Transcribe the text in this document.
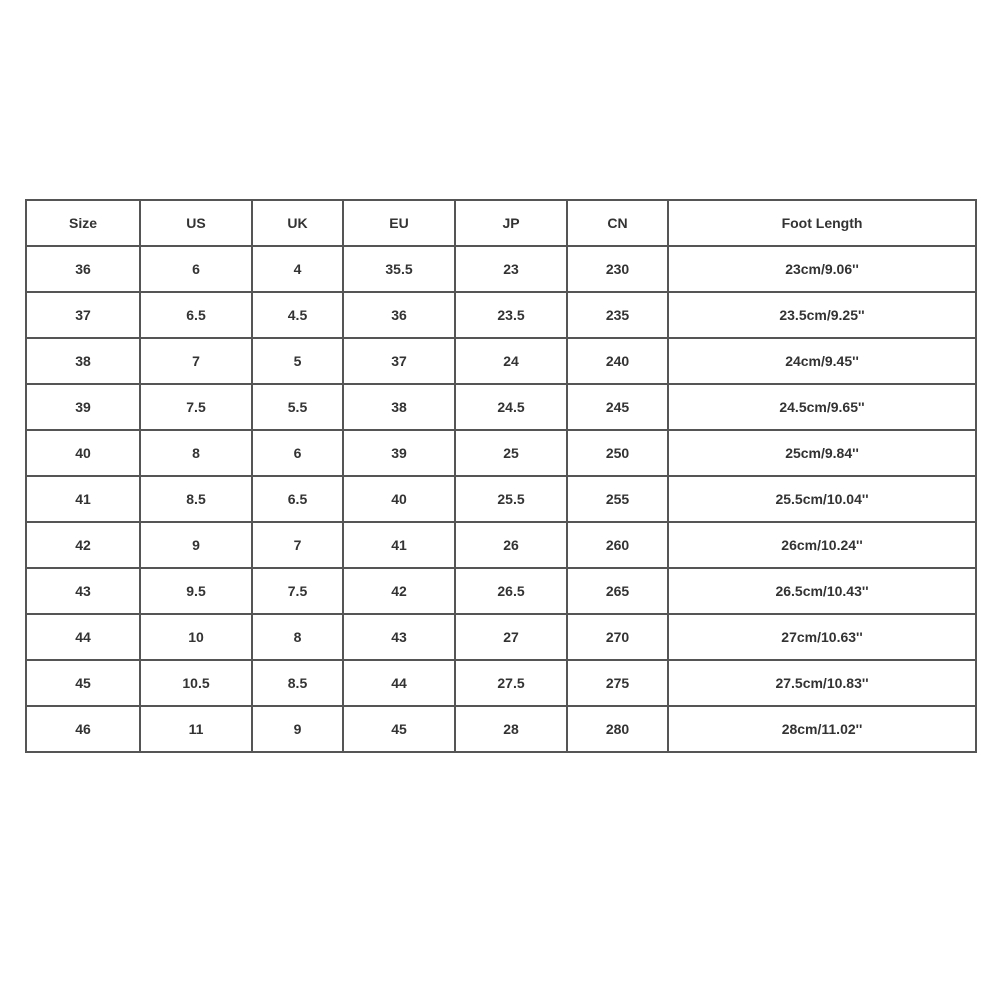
Size	US	UK	EU	JP	CN	Foot Length
36	6	4	35.5	23	230	23cm/9.06''
37	6.5	4.5	36	23.5	235	23.5cm/9.25''
38	7	5	37	24	240	24cm/9.45''
39	7.5	5.5	38	24.5	245	24.5cm/9.65''
40	8	6	39	25	250	25cm/9.84''
41	8.5	6.5	40	25.5	255	25.5cm/10.04''
42	9	7	41	26	260	26cm/10.24''
43	9.5	7.5	42	26.5	265	26.5cm/10.43''
44	10	8	43	27	270	27cm/10.63''
45	10.5	8.5	44	27.5	275	27.5cm/10.83''
46	11	9	45	28	280	28cm/11.02''
